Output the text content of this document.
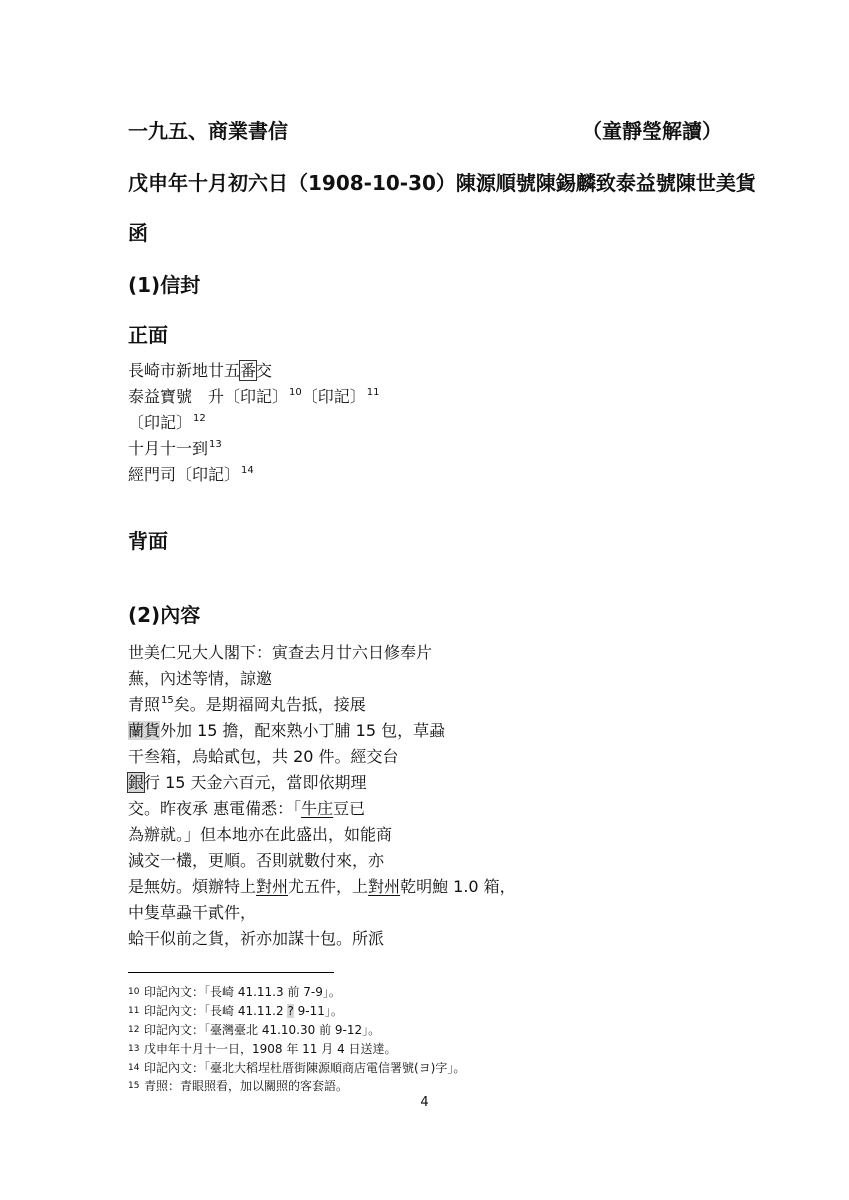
一九五、商業書信	（童靜瑩解讀）
戊申年十月初六日（1908-10-30）陳源順號陳錫麟致泰益號陳世美貨
函
(1)信封
正面
長崎市新地廿五番交
泰益寶號　升〔印記〕$^{10}$〔印記〕$^{11}$
〔印記〕$^{12}$
十月十一到$^{13}$
經門司〔印記〕$^{14}$
背面
(2)內容
世美仁兄大人閣下：寅查去月廿六日修奉片
蕪，內述等情，諒邀
青照$^{15}$矣。是期福岡丸告抵，接展
蘭貨外加 15 擔，配來熟小丁脯 15 包，草蝨
干叁箱，烏蛤貳包，共 20 件。經交台
銀行 15 天金六百元，當即依期理
交。昨夜承 惠電備悉：「牛庄豆已
為辦就。」但本地亦在此盛出，如能商
減交一欉，更順。否則就數付來，亦
是無妨。煩辦特上對州尤五件，上對州乾明鮑 1.0 箱，
中隻草蝨干貳件，
蛤干似前之貨，祈亦加謀十包。所派
10 印記內文：「長崎 41.11.3 前 7-9」。
11 印記內文：「長崎 41.11.2 ? 9-11」。
12 印記內文：「臺灣臺北 41.10.30 前 9-12」。
13 戊申年十月十一日，1908 年 11 月 4 日送達。
14 印記內文：「臺北大稻埕杜厝街陳源順商店電信署號(ヨ)字」。
15 青照：青眼照看，加以關照的客套語。
4
